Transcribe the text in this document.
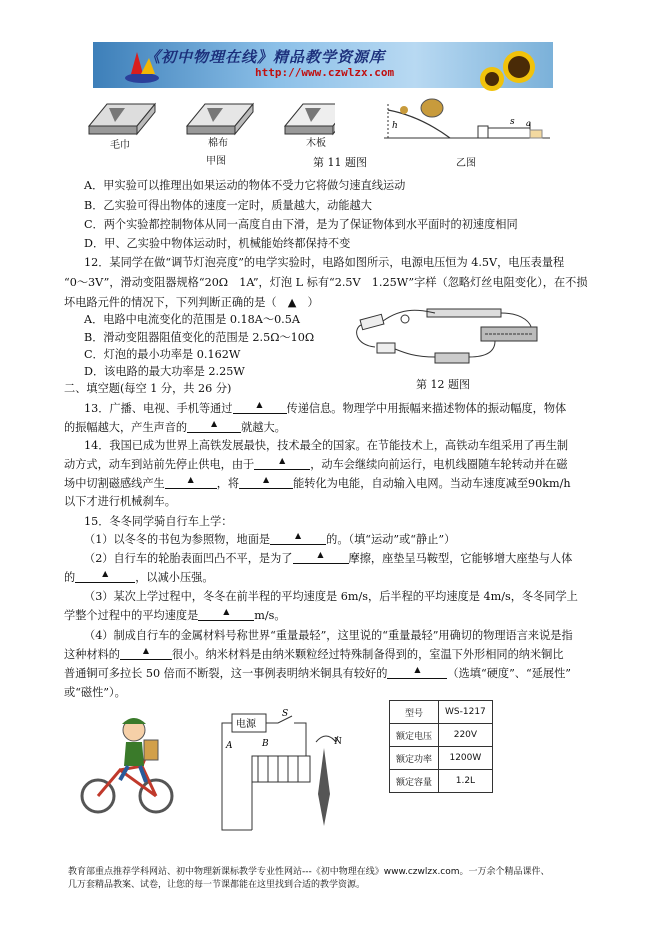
《初中物理在线》精品教学资源库
http://www.czwlzx.com
毛巾	棉布	木板
甲图
h	s a
第 11 题图	乙图
A．甲实验可以推理出如果运动的物体不受力它将做匀速直线运动
B．乙实验可得出物体的速度一定时，质量越大，动能越大
C．两个实验都控制物体从同一高度自由下滑，是为了保证物体到水平面时的初速度相同
D．甲、乙实验中物体运动时，机械能始终都保持不变
12．某同学在做“调节灯泡亮度”的电学实验时，电路如图所示，电源电压恒为 4.5V，电压表量程
“0～3V”，滑动变阻器规格“20Ω　1A”，灯泡 L 标有“2.5V　1.25W”字样（忽略灯丝电阻变化），在不损
坏电路元件的情况下，下列判断正确的是（　▲　）
A．电路中电流变化的范围是 0.18A～0.5A
B．滑动变阻器阻值变化的范围是 2.5Ω～10Ω
C．灯泡的最小功率是 0.162W
D．该电路的最大功率是 2.25W
第 12 题图
二、填空题(每空 1 分，共 26 分)
13．广播、电视、手机等通过 ▲	传递信息。物理学中用振幅来描述物体的振动幅度，物体
的振幅越大，产生声音的 ▲	就越大。
14．我国已成为世界上高铁发展最快，技术最全的国家。在节能技术上，高铁动车组采用了再生制
动方式，动车到站前先停止供电，由于 ▲	，动车会继续向前运行，电机线圈随车轮转动并在磁
场中切割磁感线产生 ▲	，将 ▲	能转化为电能，自动输入电网。当动车速度减至90km/h
以下才进行机械刹车。
15．冬冬同学骑自行车上学：
（1）以冬冬的书包为参照物，地面是 ▲	的。（填“运动”或“静止”）
（2）自行车的轮胎表面凹凸不平，是为了 ▲	摩擦，座垫呈马鞍型，它能够增大座垫与人体
的 ▲	，以减小压强。
（3）某次上学过程中，冬冬在前半程的平均速度是 6m/s，后半程的平均速度是 4m/s，冬冬同学上
学整个过程中的平均速度是 ▲	m/s。
（4）制成自行车的金属材料号称世界“重量最轻”，这里说的“重量最轻”用确切的物理语言来说是指
这种材料的 ▲	很小。纳米材料是由纳米颗粒经过特殊制备得到的，室温下外形相同的纳米铜比
普通铜可多拉长 50 倍而不断裂，这一事例表明纳米铜具有较好的 ▲	（选填“硬度”、“延展性”
或“磁性”）。
电源
S
A	B	N
型号	WS-1217
额定电压	220V
额定功率	1200W
额定容量	1.2L
教育部重点推荐学科网站、初中物理新课标教学专业性网站---《初中物理在线》www.czwlzx.com。一万余个精品课件、
几万套精品教案、试卷，让您的每一节课都能在这里找到合适的教学资源。
